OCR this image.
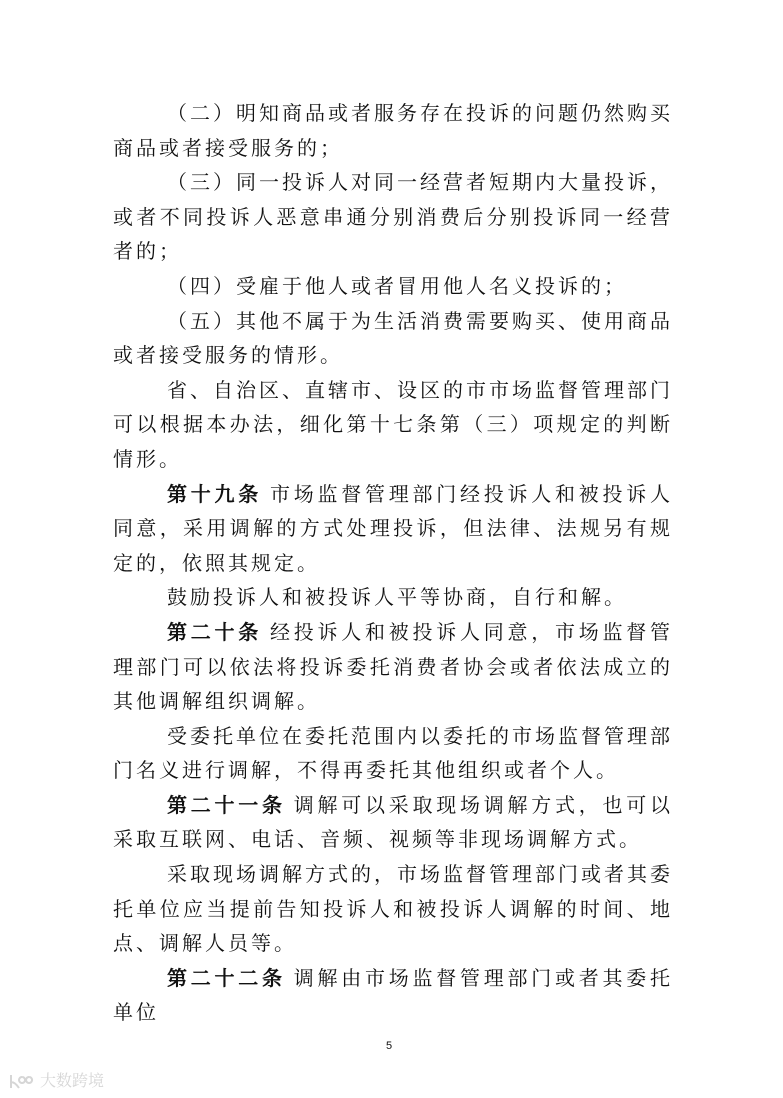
（二）明知商品或者服务存在投诉的问题仍然购买商品或者接受服务的；

（三）同一投诉人对同一经营者短期内大量投诉，或者不同投诉人恶意串通分别消费后分别投诉同一经营者的；

（四）受雇于他人或者冒用他人名义投诉的；

（五）其他不属于为生活消费需要购买、使用商品或者接受服务的情形。

省、自治区、直辖市、设区的市市场监督管理部门可以根据本办法，细化第十七条第（三）项规定的判断情形。

第十九条 市场监督管理部门经投诉人和被投诉人同意，采用调解的方式处理投诉，但法律、法规另有规定的，依照其规定。

鼓励投诉人和被投诉人平等协商，自行和解。

第二十条 经投诉人和被投诉人同意，市场监督管理部门可以依法将投诉委托消费者协会或者依法成立的其他调解组织调解。

受委托单位在委托范围内以委托的市场监督管理部门名义进行调解，不得再委托其他组织或者个人。

第二十一条 调解可以采取现场调解方式，也可以采取互联网、电话、音频、视频等非现场调解方式。

采取现场调解方式的，市场监督管理部门或者其委托单位应当提前告知投诉人和被投诉人调解的时间、地点、调解人员等。

第二十二条 调解由市场监督管理部门或者其委托单位

5
大数跨境
